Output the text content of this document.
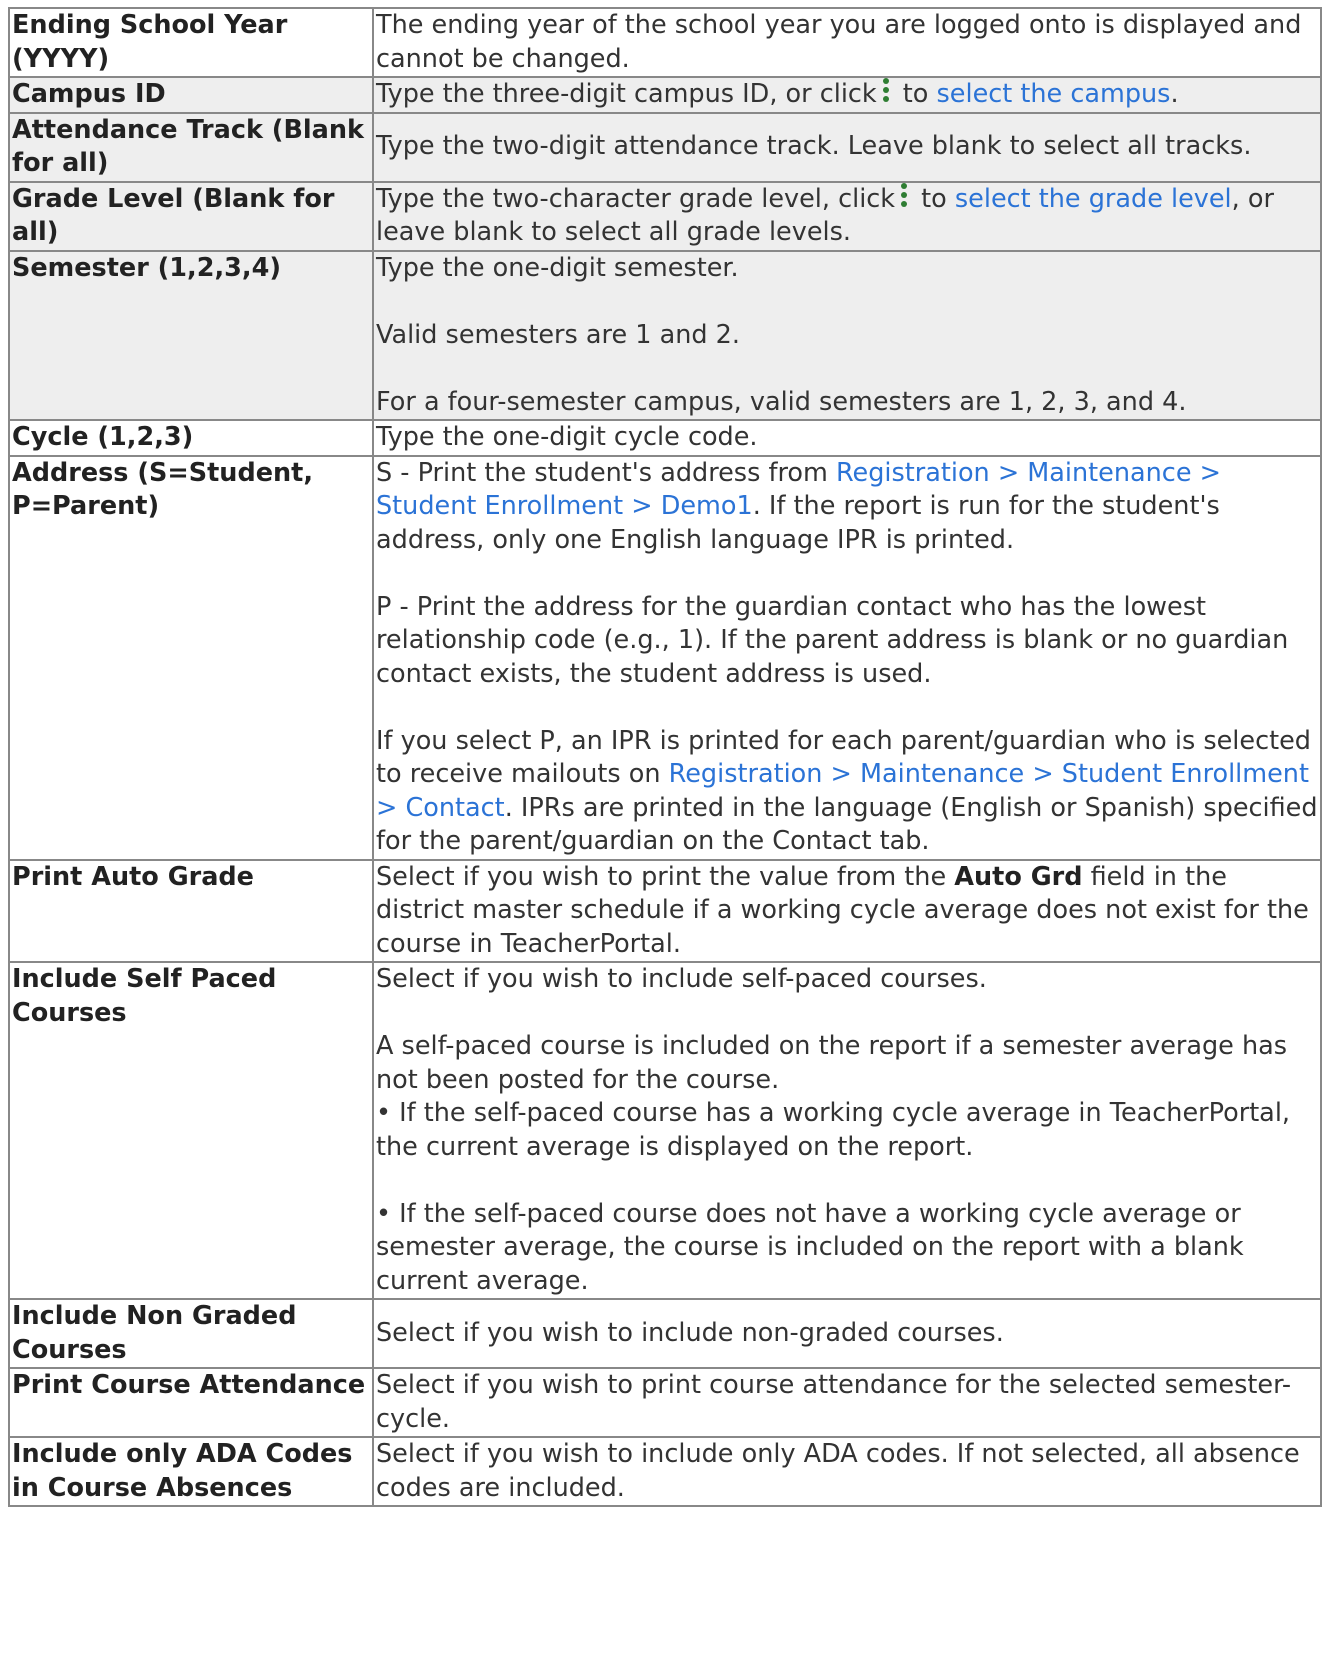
Ending School Year (YYYY)	The ending year of the school year you are logged onto is displayed and cannot be changed.

Campus ID	Type the three-digit campus ID, or click
to select the campus.
Attendance Track (Blank for all)	Type the two-digit attendance track. Leave blank to select all tracks.

Grade Level (Blank for all)	Type the two-character grade level, click
to select the grade level, or leave blank to select all grade levels.
Semester (1,2,3,4)	Type the one-digit semester.

Valid semesters are 1 and 2.

For a four-semester campus, valid semesters are 1, 2, 3, and 4.

Cycle (1,2,3)	Type the one-digit cycle code.

Address (S=Student, P=Parent)	S - Print the student's address from Registration > Maintenance > Student Enrollment > Demo1. If the report is run for the student's address, only one English language IPR is printed.

P - Print the address for the guardian contact who has the lowest relationship code (e.g., 1). If the parent address is blank or no guardian contact exists, the student address is used.

If you select P, an IPR is printed for each parent/guardian who is selected to receive mailouts on Registration > Maintenance > Student Enrollment > Contact. IPRs are printed in the language (English or Spanish) specified for the parent/guardian on the Contact tab.

Print Auto Grade	Select if you wish to print the value from the Auto Grd field in the district master schedule if a working cycle average does not exist for the course in TeacherPortal.

Include Self Paced Courses	Select if you wish to include self-paced courses.

A self-paced course is included on the report if a semester average has not been posted for the course.

• If the self-paced course has a working cycle average in TeacherPortal, the current average is displayed on the report.

• If the self-paced course does not have a working cycle average or semester average, the course is included on the report with a blank current average.

Include Non Graded Courses	Select if you wish to include non-graded courses.

Print Course Attendance	Select if you wish to print course attendance for the selected semester-cycle.

Include only ADA Codes in Course Absences	Select if you wish to include only ADA codes. If not selected, all absence codes are included.
